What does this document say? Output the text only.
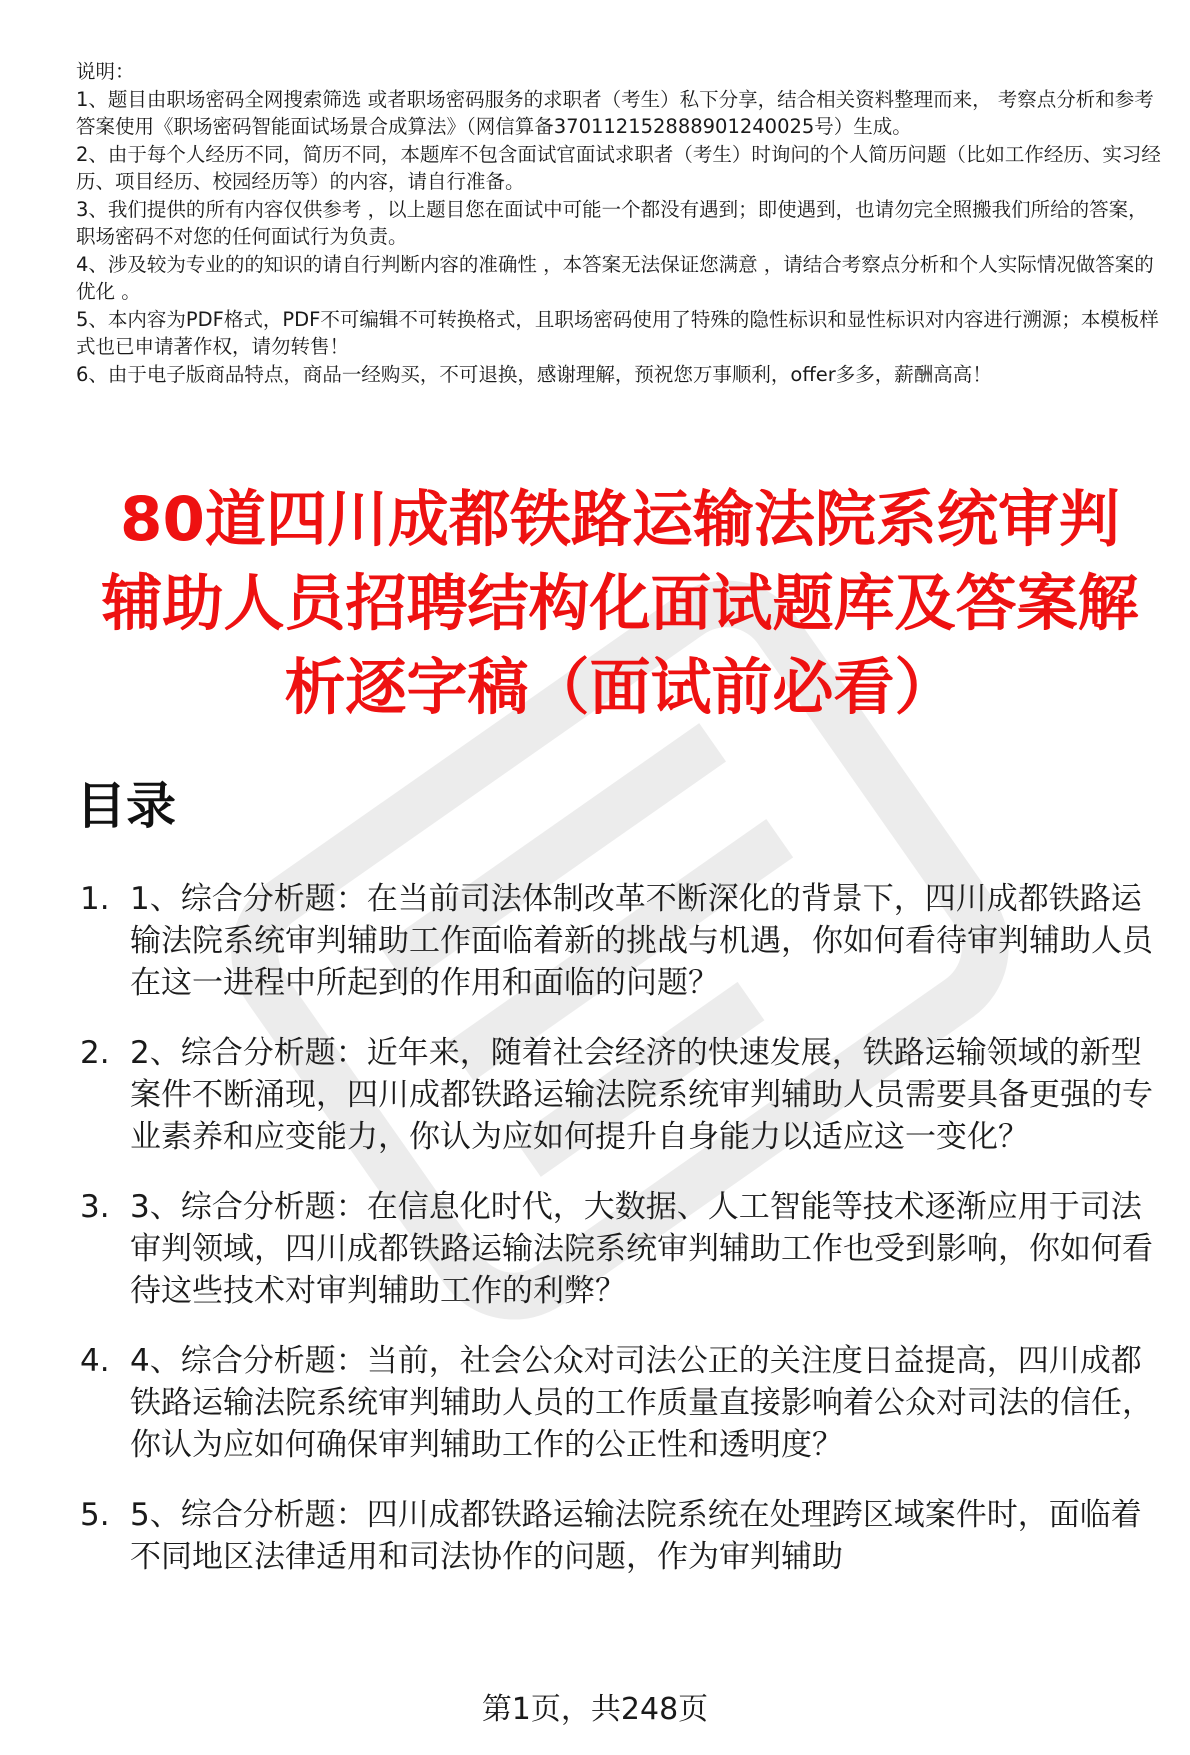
说明：

1、题目由职场密码全网搜索筛选 或者职场密码服务的求职者（考生）私下分享，结合相关资料整理而来， 考察点分析和参考答案使用《职场密码智能面试场景合成算法》（网信算备370112152888901240025号）生成。

2、由于每个人经历不同，简历不同，本题库不包含面试官面试求职者（考生）时询问的个人简历问题（比如工作经历、实习经历、项目经历、校园经历等）的内容，请自行准备。

3、我们提供的所有内容仅供参考 ，以上题目您在面试中可能一个都没有遇到；即使遇到，也请勿完全照搬我们所给的答案，职场密码不对您的任何面试行为负责。

4、涉及较为专业的的知识的请自行判断内容的准确性 ，本答案无法保证您满意 ，请结合考察点分析和个人实际情况做答案的优化 。

5、本内容为PDF格式，PDF不可编辑不可转换格式，且职场密码使用了特殊的隐性标识和显性标识对内容进行溯源；本模板样式也已申请著作权，请勿转售！

6、由于电子版商品特点，商品一经购买，不可退换，感谢理解，预祝您万事顺利，offer多多，薪酬高高！

80道四川成都铁路运输法院系统审判辅助人员招聘结构化面试题库及答案解析逐字稿（面试前必看）
目录
1. 1、综合分析题：在当前司法体制改革不断深化的背景下，四川成都铁路运输法院系统审判辅助工作面临着新的挑战与机遇，你如何看待审判辅助人员在这一进程中所起到的作用和面临的问题？
2. 2、综合分析题：近年来，随着社会经济的快速发展，铁路运输领域的新型案件不断涌现，四川成都铁路运输法院系统审判辅助人员需要具备更强的专业素养和应变能力，你认为应如何提升自身能力以适应这一变化？
3. 3、综合分析题：在信息化时代，大数据、人工智能等技术逐渐应用于司法审判领域，四川成都铁路运输法院系统审判辅助工作也受到影响，你如何看待这些技术对审判辅助工作的利弊？
4. 4、综合分析题：当前，社会公众对司法公正的关注度日益提高，四川成都铁路运输法院系统审判辅助人员的工作质量直接影响着公众对司法的信任，你认为应如何确保审判辅助工作的公正性和透明度？
5. 5、综合分析题：四川成都铁路运输法院系统在处理跨区域案件时，面临着不同地区法律适用和司法协作的问题，作为审判辅助
第1页，共248页
